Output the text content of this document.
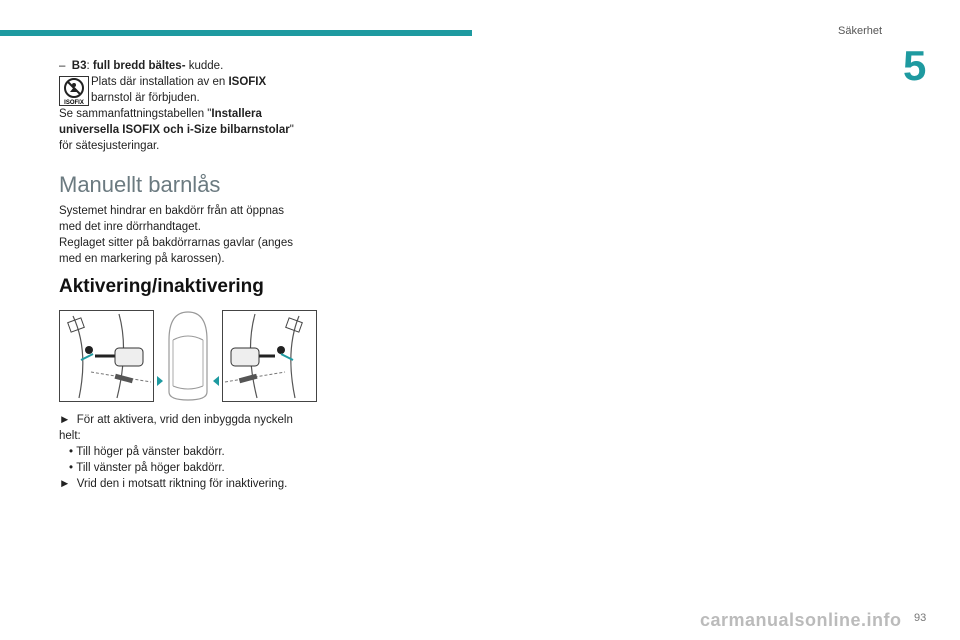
Säkerhet
5

– B3: full bredd bältes- kudde.

ISOFIX
Plats där installation av en ISOFIX
barnstol är förbjuden.

Se sammanfattningstabellen "Installera universella ISOFIX och i-Size bilbarnstolar"
för sätesjusteringar.

Manuellt barnlås

Systemet hindrar en bakdörr från att öppnas med det inre dörrhandtaget.

Reglaget sitter på bakdörrarnas gavlar (anges med en markering på karossen).

Aktivering/inaktivering

► För att aktivera, vrid den inbyggda nyckeln helt:

• Till höger på vänster bakdörr.

• Till vänster på höger bakdörr.

► Vrid den i motsatt riktning för inaktivering.

93
carmanualsonline.info
